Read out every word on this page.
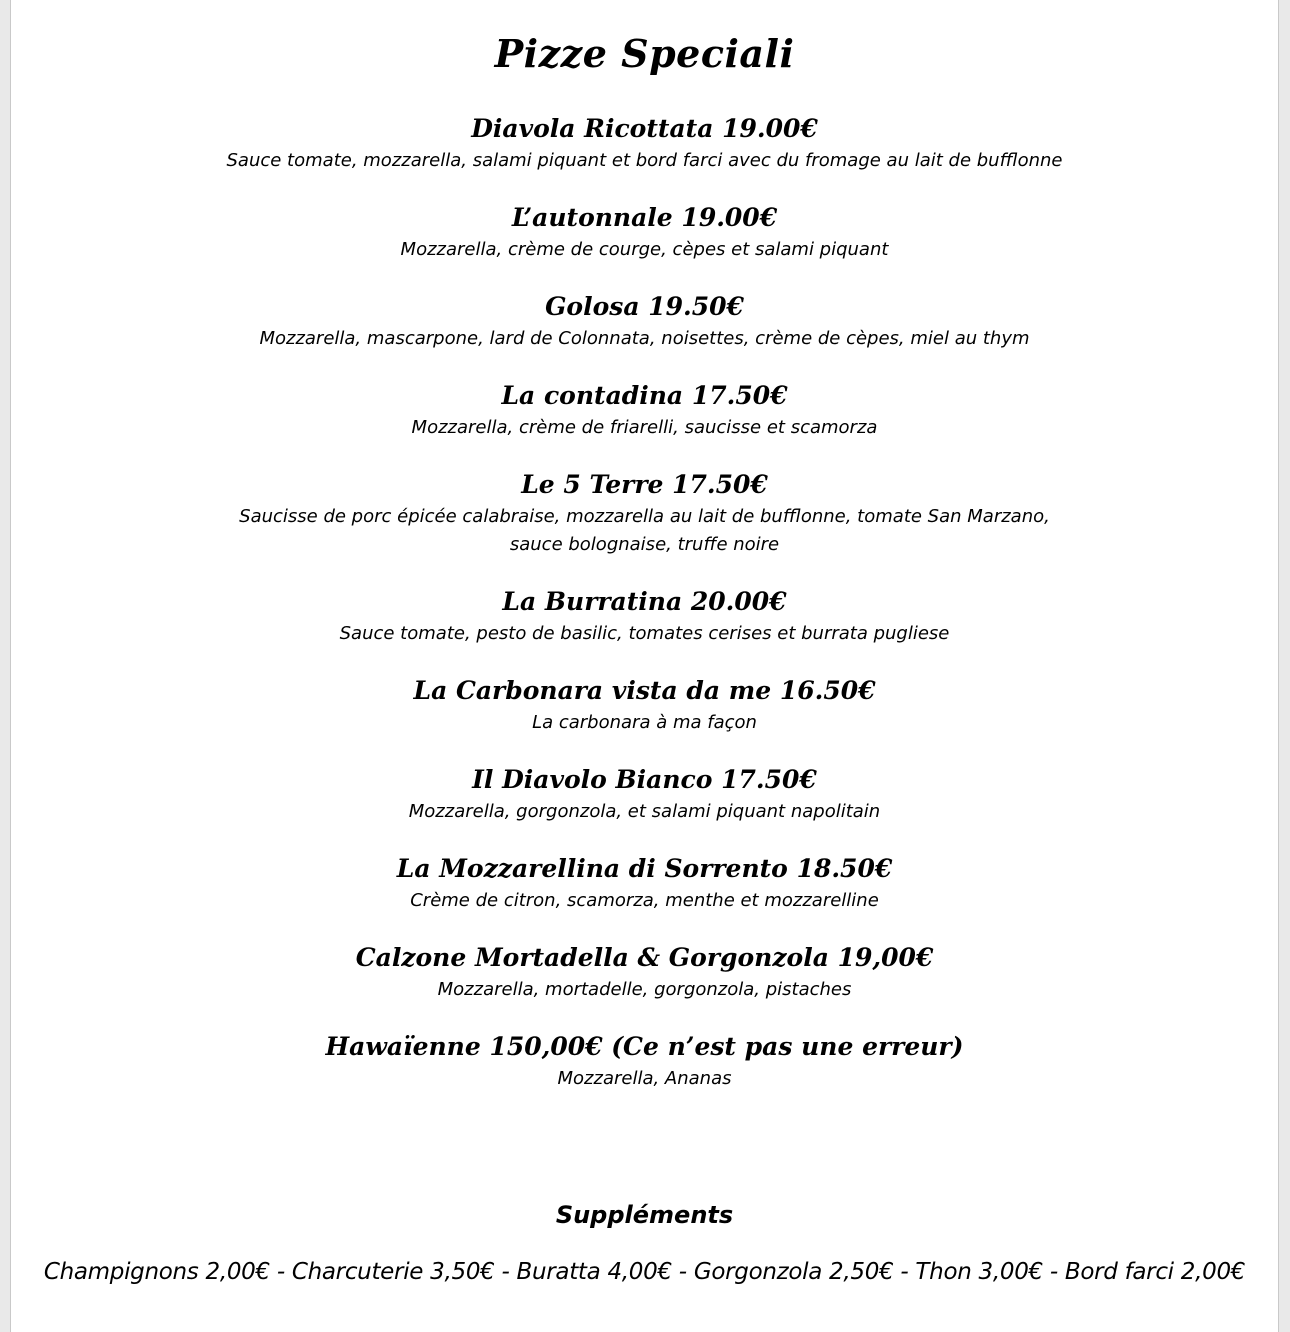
Pizze Speciali
Diavola Ricottata 19.00€
Sauce tomate, mozzarella, salami piquant et bord farci avec du fromage au lait de bufflonne
L’autonnale 19.00€
Mozzarella, crème de courge, cèpes et salami piquant
Golosa 19.50€
Mozzarella, mascarpone, lard de Colonnata, noisettes, crème de cèpes, miel au thym
La contadina 17.50€
Mozzarella, crème de friarelli, saucisse et scamorza
Le 5 Terre 17.50€
Saucisse de porc épicée calabraise, mozzarella au lait de bufflonne, tomate San Marzano,
sauce bolognaise, truffe noire
La Burratina 20.00€
Sauce tomate, pesto de basilic, tomates cerises et burrata pugliese
La Carbonara vista da me 16.50€
La carbonara à ma façon
Il Diavolo Bianco 17.50€
Mozzarella, gorgonzola, et salami piquant napolitain
La Mozzarellina di Sorrento 18.50€
Crème de citron, scamorza, menthe et mozzarelline
Calzone Mortadella & Gorgonzola 19,00€
Mozzarella, mortadelle, gorgonzola, pistaches
Hawaïenne 150,00€ (Ce n’est pas une erreur)
Mozzarella, Ananas
Suppléments
Champignons 2,00€ - Charcuterie 3,50€ - Buratta 4,00€ - Gorgonzola 2,50€ - Thon 3,00€ - Bord farci 2,00€
